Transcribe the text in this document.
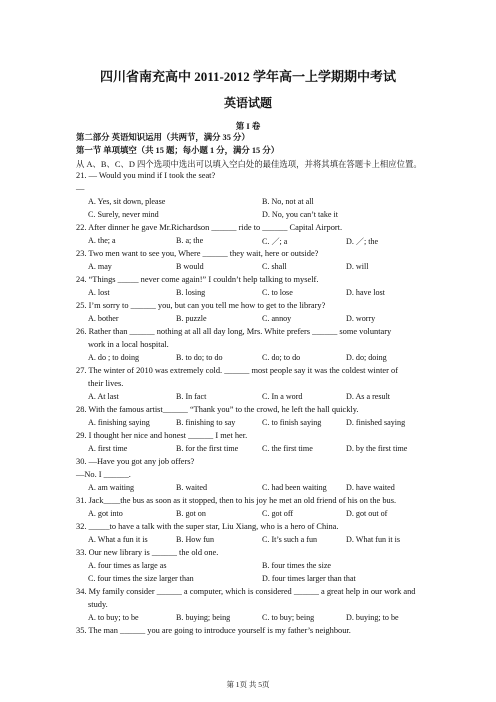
四川省南充高中 2011-2012 学年高一上学期期中考试
英语试题
第 I 卷
第二部分 英语知识运用（共两节，满分 35 分）
第一节 单项填空（共 15 题；每小题 1 分，满分 15 分）
从 A、B、C、D 四个选项中选出可以填入空白处的最佳选项，并将其填在答题卡上相应位置。
21. — Would you mind if I took the seat?
—
A. Yes, sit down, please	B. No, not at all
C. Surely, never mind	D. No, you can’t take it
22. After dinner he gave Mr.Richardson ______ ride to ______ Capital Airport.
A. the; a	B. a; the	C. ／; a	D. ／; the
23. Two men want to see you, Where ______ they wait, here or outside?
A. may	B would	C. shall	D. will
24. “Things _____ never come again!” I couldn’t help talking to myself.
A. lost	B. losing	C. to lose	D. have lost
25. I’m sorry to ______ you, but can you tell me how to get to the library?
A. bother	B. puzzle	C. annoy	D. worry
26. Rather than ______ nothing at all all day long, Mrs. White prefers ______ some voluntary
work in a local hospital.
A. do ; to doing	B. to do; to do	C. do; to do	D. do; doing
27. The winter of 2010 was extremely cold. ______ most people say it was the coldest winter of
their lives.
A. At last	B. In fact	C. In a word	D. As a result
28. With the famous artist______ “Thank you” to the crowd, he left the hall quickly.
A. finishing saying	B. finishing to say	C. to finish saying	D. finished saying
29. I thought her nice and honest ______ I met her.
A. first time	B. for the first time	C. the first time	D. by the first time
30. —Have you got any job offers?
—No. I ______.
A. am waiting	B. waited	C. had been waiting D. have waited
31. Jack____the bus as soon as it stopped, then to his joy he met an old friend of his on the bus.
A. got into	B. got on	C. got off	D. got out of
32. _____to have a talk with the super star, Liu Xiang, who is a hero of China.
A. What a fun it is	B. How fun	C. It’s such a fun	D. What fun it is
33. Our new library is ______ the old one.
A. four times as large as	B. four times the size
C. four times the size larger than	D. four times larger than that
34. My family consider ______ a computer, which is considered ______ a great help in our work and
study.
A. to buy; to be	B. buying; being	C. to buy; being	D. buying; to be
35. The man ______ you are going to introduce yourself is my father’s neighbour.
第 1页 共 5页
